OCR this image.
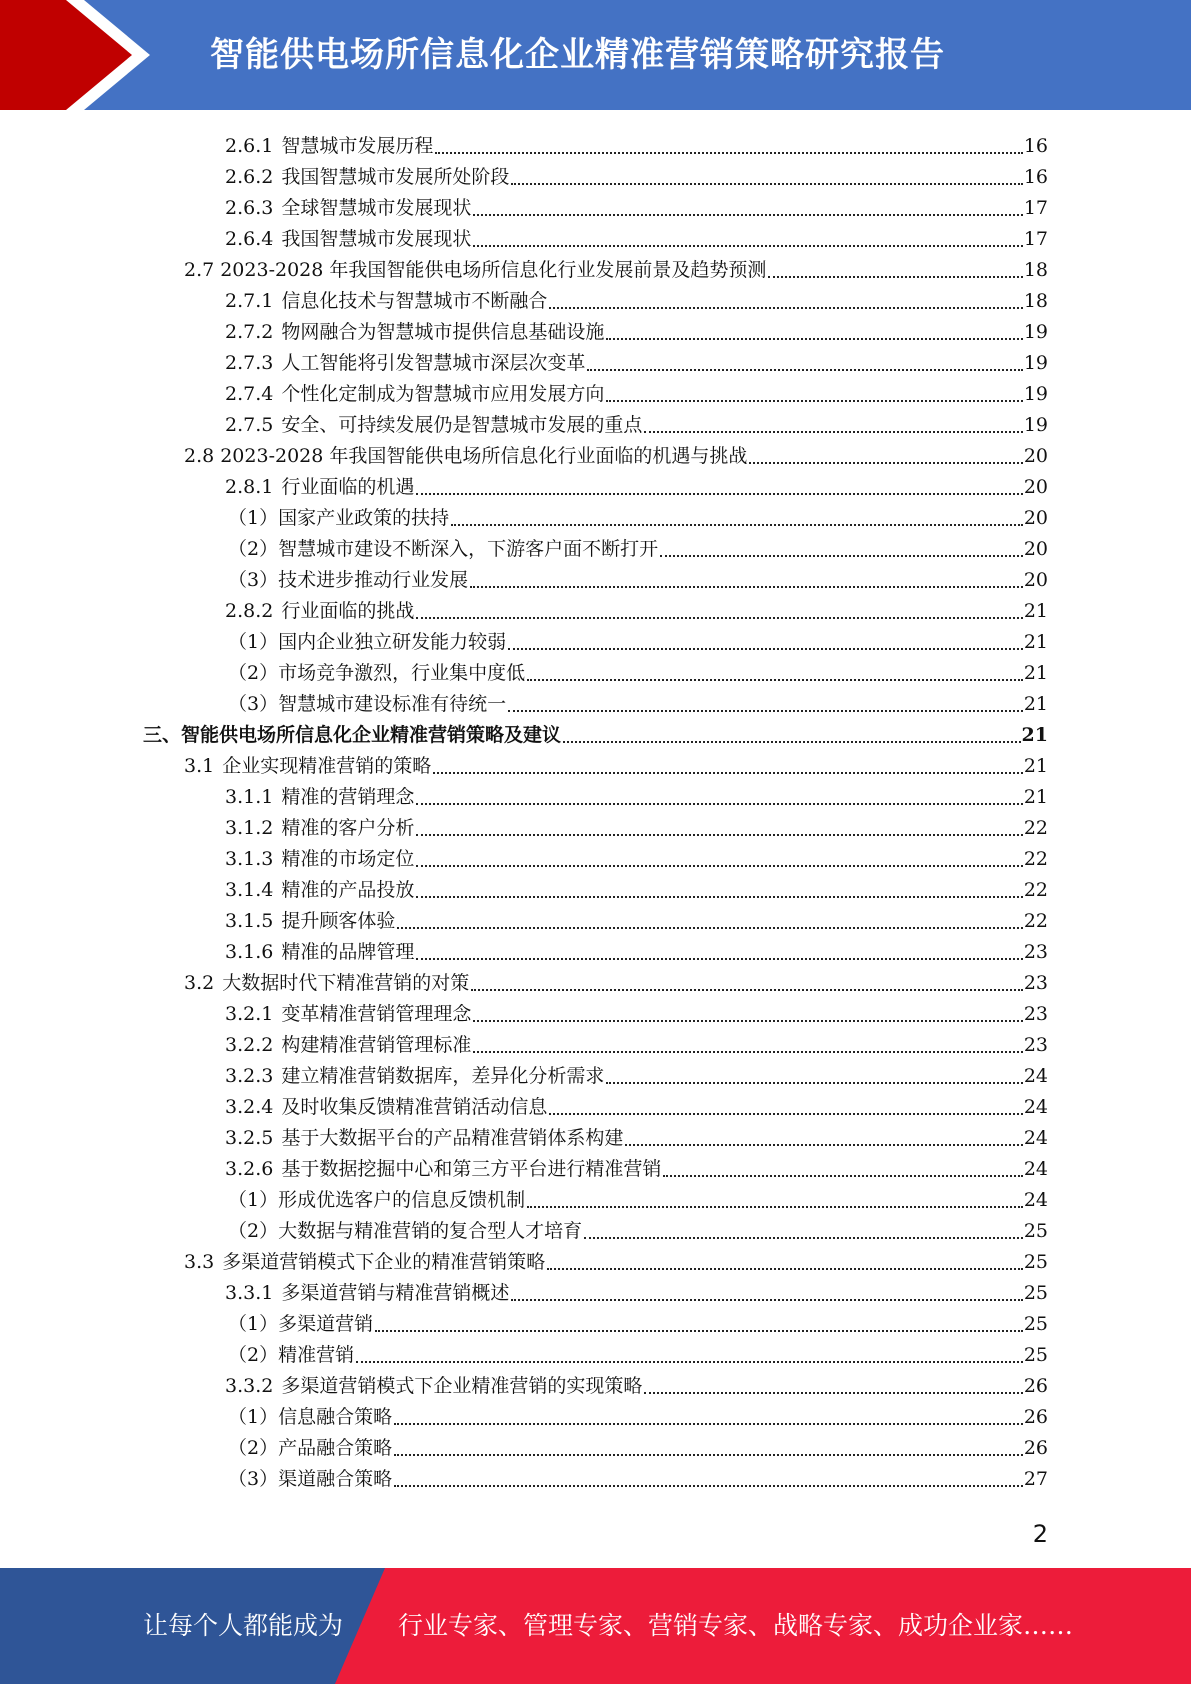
智能供电场所信息化企业精准营销策略研究报告
2.6.1 智慧城市发展历程	16
2.6.2 我国智慧城市发展所处阶段	16
2.6.3 全球智慧城市发展现状	17
2.6.4 我国智慧城市发展现状	17
2.7 2023-2028 年我国智能供电场所信息化行业发展前景及趋势预测	18
2.7.1 信息化技术与智慧城市不断融合	18
2.7.2 物网融合为智慧城市提供信息基础设施	19
2.7.3 人工智能将引发智慧城市深层次变革	19
2.7.4 个性化定制成为智慧城市应用发展方向	19
2.7.5 安全、可持续发展仍是智慧城市发展的重点	19
2.8 2023-2028 年我国智能供电场所信息化行业面临的机遇与挑战	20
2.8.1 行业面临的机遇	20
（1）国家产业政策的扶持	20
（2）智慧城市建设不断深入，下游客户面不断打开	20
（3）技术进步推动行业发展	20
2.8.2 行业面临的挑战	21
（1）国内企业独立研发能力较弱	21
（2）市场竞争激烈，行业集中度低	21
（3）智慧城市建设标准有待统一	21
三、智能供电场所信息化企业精准营销策略及建议	21
3.1 企业实现精准营销的策略	21
3.1.1 精准的营销理念	21
3.1.2 精准的客户分析	22
3.1.3 精准的市场定位	22
3.1.4 精准的产品投放	22
3.1.5 提升顾客体验	22
3.1.6 精准的品牌管理	23
3.2 大数据时代下精准营销的对策	23
3.2.1 变革精准营销管理理念	23
3.2.2 构建精准营销管理标准	23
3.2.3 建立精准营销数据库，差异化分析需求	24
3.2.4 及时收集反馈精准营销活动信息	24
3.2.5 基于大数据平台的产品精准营销体系构建	24
3.2.6 基于数据挖掘中心和第三方平台进行精准营销	24
（1）形成优选客户的信息反馈机制	24
（2）大数据与精准营销的复合型人才培育	25
3.3 多渠道营销模式下企业的精准营销策略	25
3.3.1 多渠道营销与精准营销概述	25
（1）多渠道营销	25
（2）精准营销	25
3.3.2 多渠道营销模式下企业精准营销的实现策略	26
（1）信息融合策略	26
（2）产品融合策略	26
（3）渠道融合策略	27
2
让每个人都能成为 行业专家、管理专家、营销专家、战略专家、成功企业家……
